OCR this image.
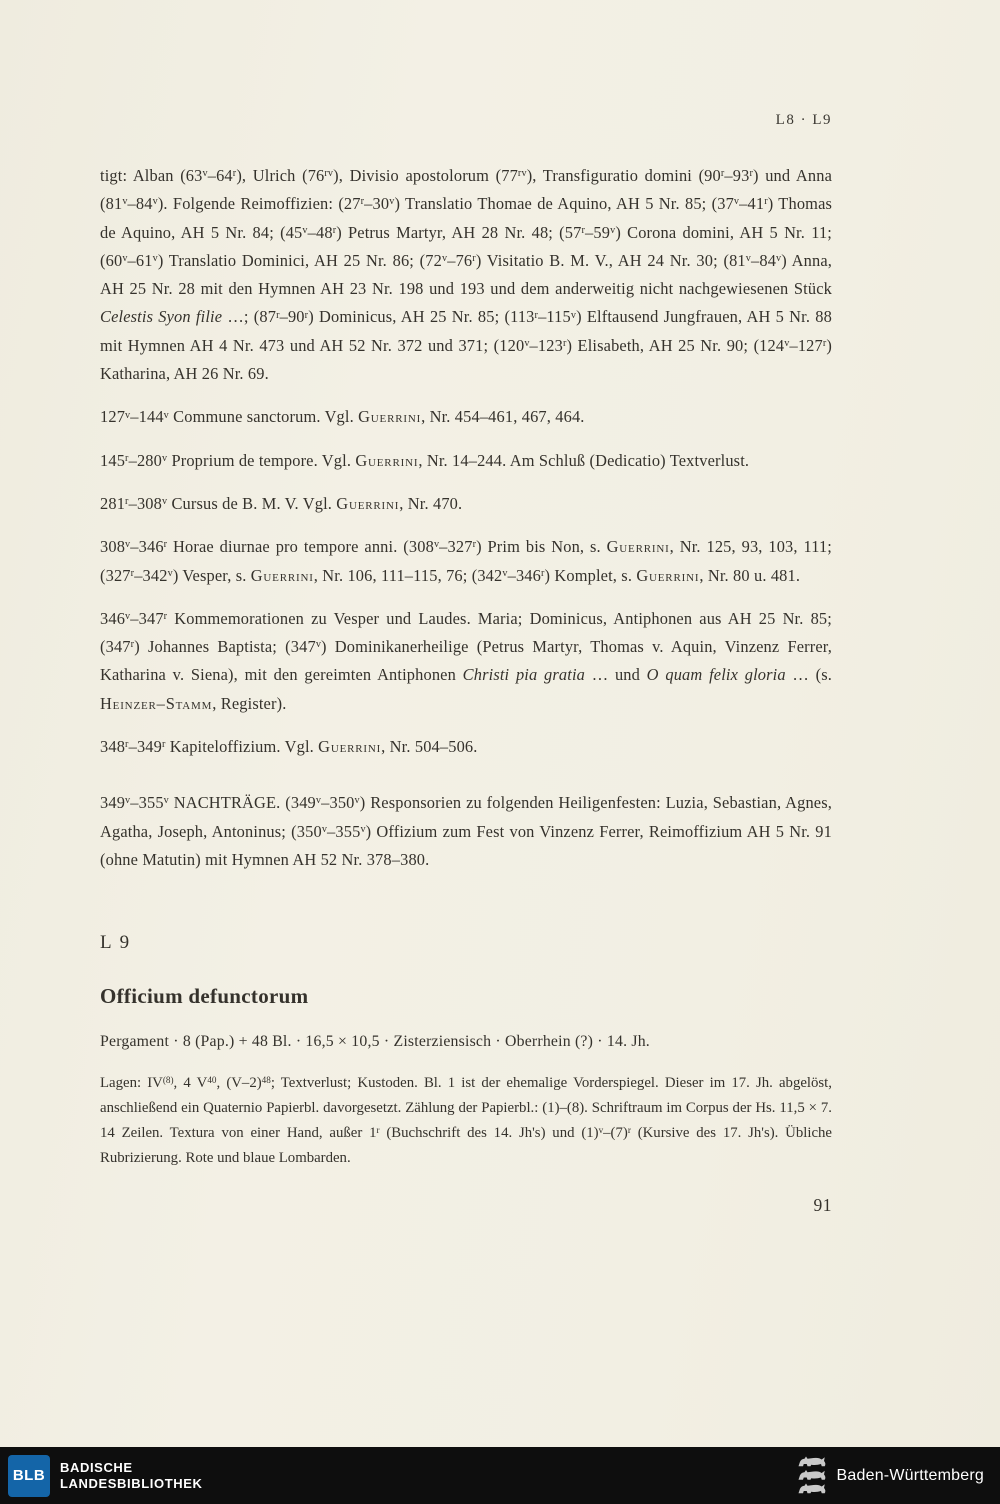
L8 · L9

tigt: Alban (63$^v$–64$^r$), Ulrich $(76^{rv})$, Divisio apostolorum $(77^{rv})$, Transfiguratio domini (90$^r$–93$^r$) und Anna (81$^v$–84$^v$). Folgende Reimoffizien: (27$^r$–30$^v$) Translatio Thomae de Aquino, AH 5 Nr. 85; (37$^v$–41$^r$) Thomas de Aquino, AH 5 Nr. 84; (45$^v$–48$^r$) Petrus Martyr, AH 28 Nr. 48; (57$^r$–59$^v$) Corona domini, AH 5 Nr. 11; (60$^v$–61$^v$) Translatio Dominici, AH 25 Nr. 86; (72$^v$–76$^r$) Visitatio B. M. V., AH 24 Nr. 30; (81$^v$–84$^v$) Anna, AH 25 Nr. 28 mit den Hymnen AH 23 Nr. 198 und 193 und dem anderweitig nicht nachgewiesenen Stück Celestis Syon filie …; (87$^r$–90$^r$) Dominicus, AH 25 Nr. 85; (113$^r$–115$^v$) Elftausend Jungfrauen, AH 5 Nr. 88 mit Hymnen AH 4 Nr. 473 und AH 52 Nr. 372 und 371; (120$^v$–123$^r$) Elisabeth, AH 25 Nr. 90; (124$^v$–127$^r$) Katharina, AH 26 Nr. 69.

127$^v$–144$^v$ Commune sanctorum. Vgl. Guerrini, Nr. 454–461, 467, 464.

145$^r$–280$^v$ Proprium de tempore. Vgl. Guerrini, Nr. 14–244. Am Schluß (Dedicatio) Textverlust.

281$^r$–308$^v$ Cursus de B. M. V. Vgl. Guerrini, Nr. 470.

308$^v$–346$^r$ Horae diurnae pro tempore anni. (308$^v$–327$^r$) Prim bis Non, s. Guerrini, Nr. 125, 93, 103, 111; (327$^r$–342$^v$) Vesper, s. Guerrini, Nr. 106, 111–115, 76; (342$^v$–346$^r$) Komplet, s. Guerrini, Nr. 80 u. 481.

346$^v$–347$^r$ Kommemorationen zu Vesper und Laudes. Maria; Dominicus, Antiphonen aus AH 25 Nr. 85; (347$^r$) Johannes Baptista; (347$^v$) Dominikanerheilige (Petrus Martyr, Thomas v. Aquin, Vinzenz Ferrer, Katharina v. Siena), mit den gereimten Antiphonen Christi pia gratia … und O quam felix gloria … (s. Heinzer–Stamm, Register).

348$^r$–349$^r$ Kapiteloffizium. Vgl. Guerrini, Nr. 504–506.

349$^v$–355$^v$ NACHTRÄGE. (349$^v$–350$^v$) Responsorien zu folgenden Heiligenfesten: Luzia, Sebastian, Agnes, Agatha, Joseph, Antoninus; (350$^v$–355$^v$) Offizium zum Fest von Vinzenz Ferrer, Reimoffizium AH 5 Nr. 91 (ohne Matutin) mit Hymnen AH 52 Nr. 378–380.

L 9
Officium defunctorum

Pergament · 8 (Pap.) + 48 Bl. · 16,5 × 10,5 · Zisterziensisch · Oberrhein (?) · 14. Jh.

Lagen: IV$^{(8)}$, 4 $V^{40}$, $(V-2)^{48}$; Textverlust; Kustoden. Bl. 1 ist der ehemalige Vorderspiegel. Dieser im 17. Jh. abgelöst, anschließend ein Quaternio Papierbl. davorgesetzt. Zählung der Papierbl.: (1)–(8). Schriftraum im Corpus der Hs. 11,5 × 7. 14 Zeilen. Textura von einer Hand, außer 1$^r$ (Buchschrift des 14. Jh's) und $(1)^v-(7)^r$ (Kursive des 17. Jh's). Übliche Rubrizierung. Rote und blaue Lombarden.

91
BLB	BADISCHE
LANDESBIBLIOTHEK	Baden-Württemberg
